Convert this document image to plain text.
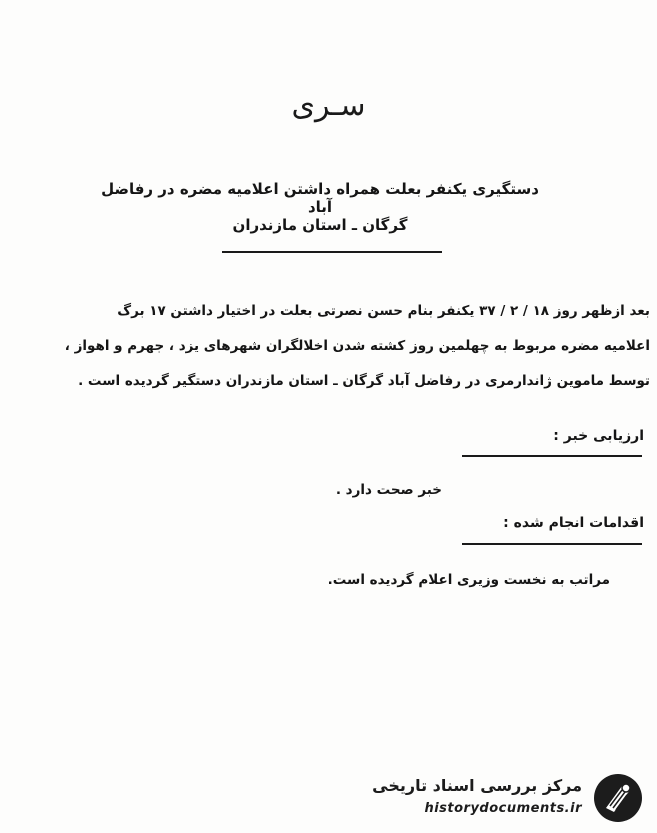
سـرى
دستگیری یکنفر بعلت همراه داشتن اعلامیه مضره در رفاضل آباد
گرگان ـ استان مازندران
بعد ازظهر روز ۱۸ / ۲ / ۳۷ یکنفر بنام حسن نصرتی بعلت در اختیار داشتن ۱۷ برگ
اعلامیه مضره مربوط به چهلمین روز کشته شدن اخلالگران شهرهای یزد ، جهرم و اهواز ،
توسط ماموین ژاندارمری در رفاضل آباد گرگان ـ استان مازندران دستگیر گردیده است .
ارزیابی خبر :
خبر صحت دارد .
اقدامات انجام شده :
مراتب به نخست وزیری اعلام گردیده است.
مرکز بررسی اسناد تاریخی
historydocuments.ir
